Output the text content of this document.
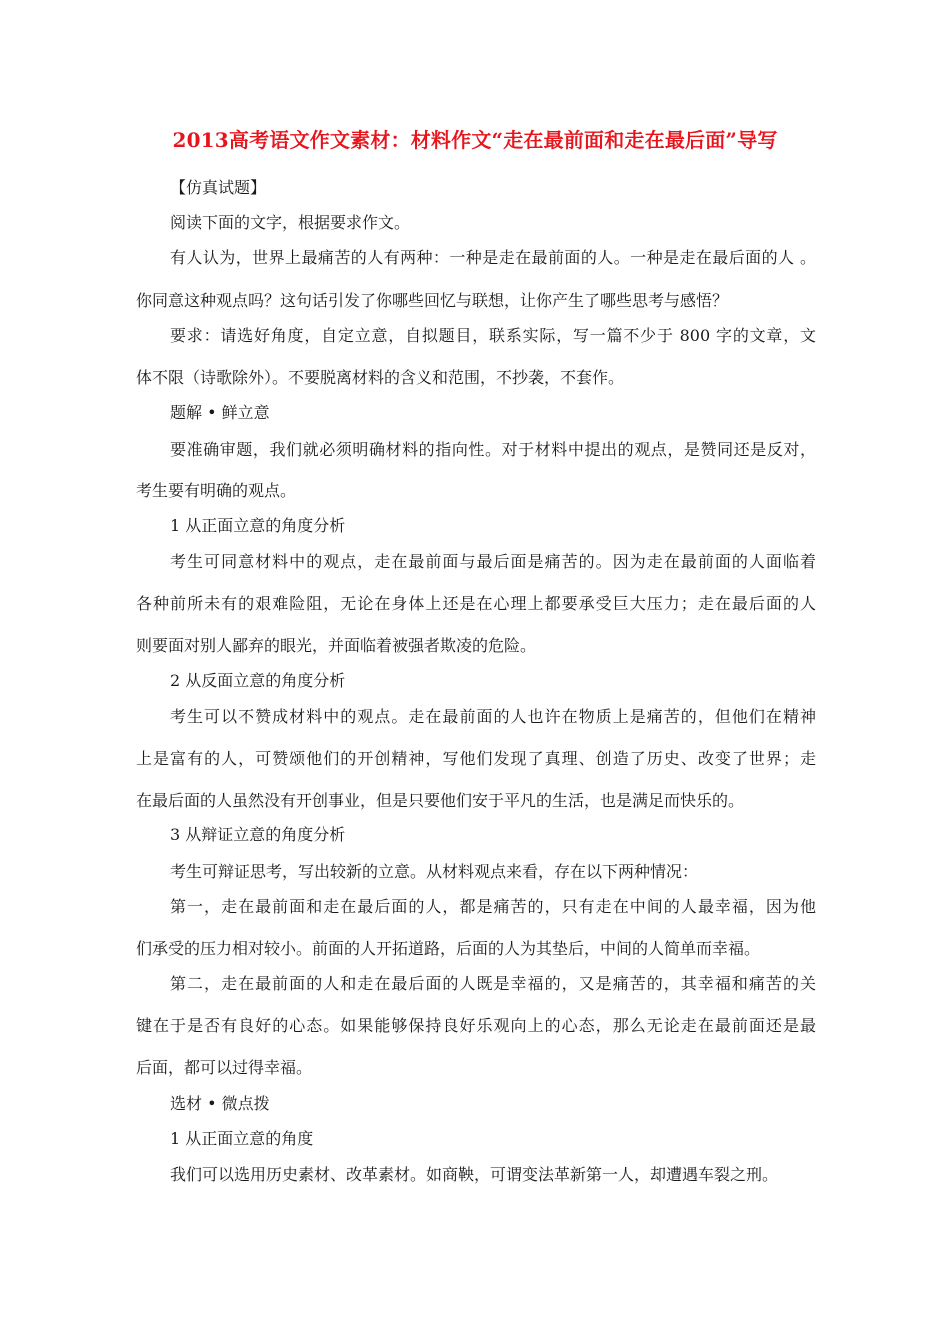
2013高考语文作文素材：材料作文“走在最前面和走在最后面”导写
【仿真试题】
阅读下面的文字，根据要求作文。
有人认为，世界上最痛苦的人有两种：一种是走在最前面的人。一种是走在最后面的人 。
你同意这种观点吗？这句话引发了你哪些回忆与联想，让你产生了哪些思考与感悟？
要求：请选好角度，自定立意，自拟题目，联系实际，写一篇不少于 800 字的文章，文
体不限（诗歌除外）。不要脱离材料的含义和范围，不抄袭，不套作。
题解 • 鲜立意
要准确审题，我们就必须明确材料的指向性。对于材料中提出的观点，是赞同还是反对，
考生要有明确的观点。
1 从正面立意的角度分析
考生可同意材料中的观点，走在最前面与最后面是痛苦的。因为走在最前面的人面临着
各种前所未有的艰难险阻，无论在身体上还是在心理上都要承受巨大压力；走在最后面的人
则要面对别人鄙弃的眼光，并面临着被强者欺凌的危险。
2 从反面立意的角度分析
考生可以不赞成材料中的观点。走在最前面的人也许在物质上是痛苦的，但他们在精神
上是富有的人，可赞颂他们的开创精神，写他们发现了真理、创造了历史、改变了世界；走
在最后面的人虽然没有开创事业，但是只要他们安于平凡的生活，也是满足而快乐的。
3 从辩证立意的角度分析
考生可辩证思考，写出较新的立意。从材料观点来看，存在以下两种情况：
第一，走在最前面和走在最后面的人，都是痛苦的，只有走在中间的人最幸福，因为他
们承受的压力相对较小。前面的人开拓道路，后面的人为其垫后，中间的人简单而幸福。
第二，走在最前面的人和走在最后面的人既是幸福的，又是痛苦的，其幸福和痛苦的关
键在于是否有良好的心态。如果能够保持良好乐观向上的心态，那么无论走在最前面还是最
后面，都可以过得幸福。
选材 • 微点拨
1 从正面立意的角度
我们可以选用历史素材、改革素材。如商鞅，可谓变法革新第一人，却遭遇车裂之刑。
